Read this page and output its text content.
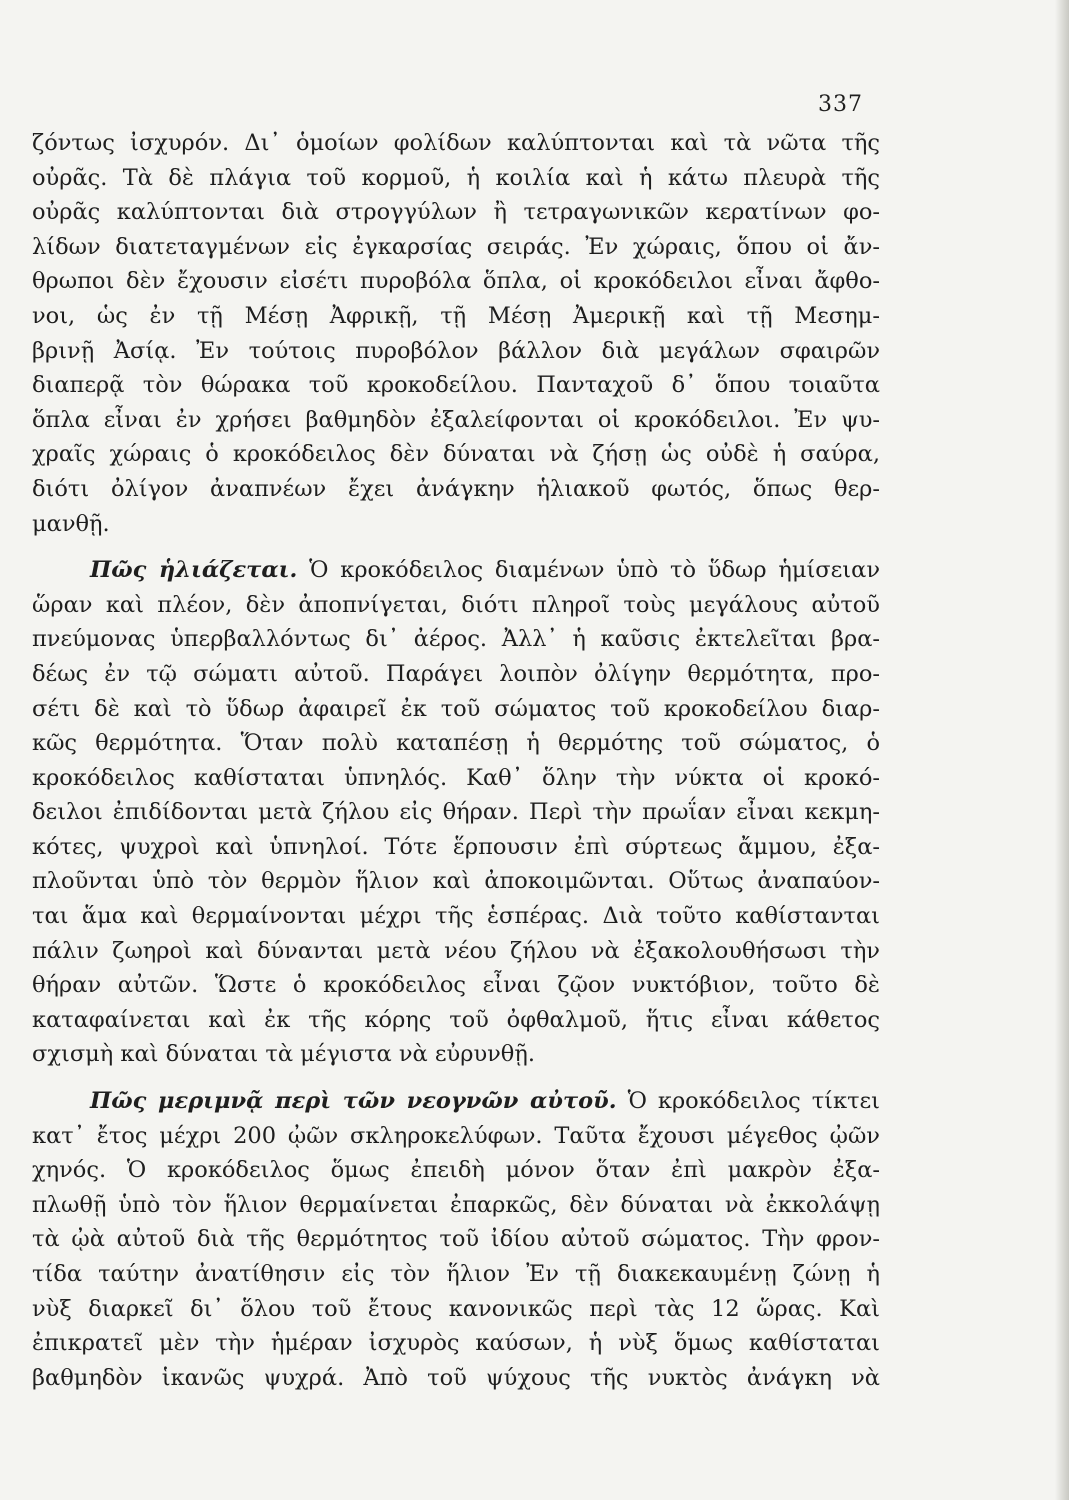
337
ζόντως ἰσχυρόν. Δι᾽ ὁμοίων φολίδων καλύπτονται καὶ τὰ νῶτα τῆς
οὐρᾶς. Τὰ δὲ πλάγια τοῦ κορμοῦ, ἡ κοιλία καὶ ἡ κάτω πλευρὰ τῆς
οὐρᾶς καλύπτονται διὰ στρογγύλων ἢ τετραγωνικῶν κερατίνων φο-
λίδων διατεταγμένων εἰς ἐγκαρσίας σειράς. Ἐν χώραις, ὅπου οἱ ἄν-
θρωποι δὲν ἔχουσιν εἰσέτι πυροβόλα ὅπλα, οἱ κροκόδειλοι εἶναι ἄφθο-
νοι, ὡς ἐν τῇ Μέσῃ Ἀφρικῇ, τῇ Μέσῃ Ἀμερικῇ καὶ τῇ Μεσημ-
βρινῇ Ἀσίᾳ. Ἐν τούτοις πυροβόλον βάλλον διὰ μεγάλων σφαιρῶν
διαπερᾷ τὸν θώρακα τοῦ κροκοδείλου. Πανταχοῦ δ᾽ ὅπου τοιαῦτα
ὅπλα εἶναι ἐν χρήσει βαθμηδὸν ἐξαλείφονται οἱ κροκόδειλοι. Ἐν ψυ-
χραῖς χώραις ὁ κροκόδειλος δὲν δύναται νὰ ζήσῃ ὡς οὐδὲ ἡ σαύρα,
διότι ὀλίγον ἀναπνέων ἔχει ἀνάγκην ἡλιακοῦ φωτός, ὅπως θερ-
μανθῇ.
Πῶς ἡλιάζεται. Ὁ κροκόδειλος διαμένων ὑπὸ τὸ ὕδωρ ἡμίσειαν
ὥραν καὶ πλέον, δὲν ἀποπνίγεται, διότι πληροῖ τοὺς μεγάλους αὐτοῦ
πνεύμονας ὑπερβαλλόντως δι᾽ ἀέρος. Ἀλλ᾽ ἡ καῦσις ἐκτελεῖται βρα-
δέως ἐν τῷ σώματι αὐτοῦ. Παράγει λοιπὸν ὀλίγην θερμότητα, προ-
σέτι δὲ καὶ τὸ ὕδωρ ἀφαιρεῖ ἐκ τοῦ σώματος τοῦ κροκοδείλου διαρ-
κῶς θερμότητα. Ὅταν πολὺ καταπέσῃ ἡ θερμότης τοῦ σώματος, ὁ
κροκόδειλος καθίσταται ὑπνηλός. Καθ᾽ ὅλην τὴν νύκτα οἱ κροκό-
δειλοι ἐπιδίδονται μετὰ ζήλου εἰς θήραν. Περὶ τὴν πρωΐαν εἶναι κεκμη-
κότες, ψυχροὶ καὶ ὑπνηλοί. Τότε ἕρπουσιν ἐπὶ σύρτεως ἄμμου, ἐξα-
πλοῦνται ὑπὸ τὸν θερμὸν ἥλιον καὶ ἀποκοιμῶνται. Οὕτως ἀναπαύον-
ται ἅμα καὶ θερμαίνονται μέχρι τῆς ἑσπέρας. Διὰ τοῦτο καθίστανται
πάλιν ζωηροὶ καὶ δύνανται μετὰ νέου ζήλου νὰ ἐξακολουθήσωσι τὴν
θήραν αὐτῶν. Ὥστε ὁ κροκόδειλος εἶναι ζῷον νυκτόβιον, τοῦτο δὲ
καταφαίνεται καὶ ἐκ τῆς κόρης τοῦ ὀφθαλμοῦ, ἥτις εἶναι κάθετος
σχισμὴ καὶ δύναται τὰ μέγιστα νὰ εὐρυνθῇ.
Πῶς μεριμνᾷ περὶ τῶν νεογνῶν αὐτοῦ. Ὁ κροκόδειλος τίκτει
κατ᾽ ἔτος μέχρι 200 ᾠῶν σκληροκελύφων. Ταῦτα ἔχουσι μέγεθος ᾠῶν
χηνός. Ὁ κροκόδειλος ὅμως ἐπειδὴ μόνον ὅταν ἐπὶ μακρὸν ἐξα-
πλωθῇ ὑπὸ τὸν ἥλιον θερμαίνεται ἐπαρκῶς, δὲν δύναται νὰ ἐκκολάψῃ
τὰ ᾠὰ αὐτοῦ διὰ τῆς θερμότητος τοῦ ἰδίου αὐτοῦ σώματος. Τὴν φρον-
τίδα ταύτην ἀνατίθησιν εἰς τὸν ἥλιον Ἐν τῇ διακεκαυμένῃ ζώνῃ ἡ
νὺξ διαρκεῖ δι᾽ ὅλου τοῦ ἔτους κανονικῶς περὶ τὰς 12 ὥρας. Καὶ
ἐπικρατεῖ μὲν τὴν ἡμέραν ἰσχυρὸς καύσων, ἡ νὺξ ὅμως καθίσταται
βαθμηδὸν ἱκανῶς ψυχρά. Ἀπὸ τοῦ ψύχους τῆς νυκτὸς ἀνάγκη νὰ
